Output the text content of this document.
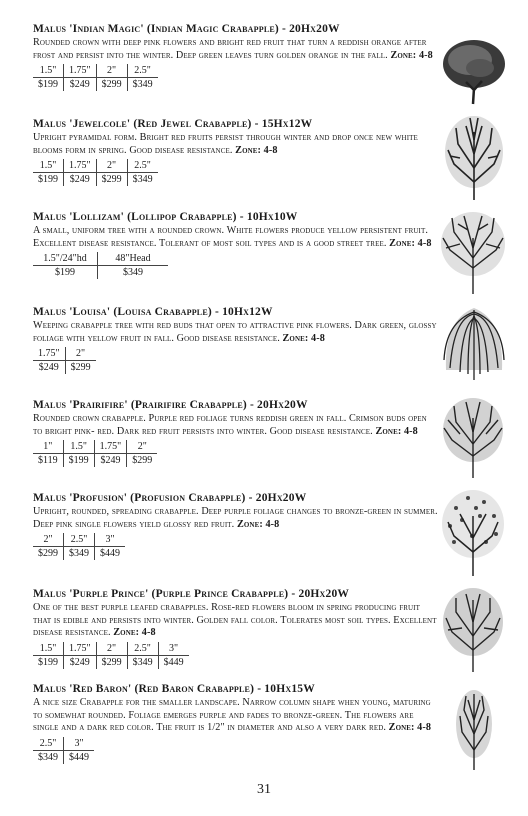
Malus 'Indian Magic' (Indian Magic Crabapple) - 20Hx20W
Rounded crown with deep pink flowers and bright red fruit that turn a reddish orange after frost and persist into the winter. Deep green leaves turn golden orange in the fall. Zone: 4-8
1.5"	1.75"	2"	2.5"
$199	$249	$299	$349
Malus 'Jewelcole' (Red Jewel Crabapple) - 15Hx12W
Upright pyramidal form. Bright red fruits persist through winter and drop once new white blooms form in spring. Good disease resistance. Zone: 4-8
1.5"	1.75"	2"	2.5"
$199	$249	$299	$349
Malus 'Lollizam' (Lollipop Crabapple) - 10Hx10W
A small, uniform tree with a rounded crown. White flowers produce yellow persistent fruit. Excellent disease resistance. Tolerant of most soil types and is a good street tree. Zone: 4-8
1.5"/24"hd	48"Head
$199	$349
Malus 'Louisa' (Louisa Crabapple) - 10Hx12W
Weeping crabapple tree with red buds that open to attractive pink flowers. Dark green, glossy foliage with yellow fruit in fall. Good disease resistance. Zone: 4-8
1.75"	2"
$249	$299
Malus 'Prairifire' (Prairifire Crabapple) - 20Hx20W
Rounded crown crabapple. Purple red foliage turns reddish green in fall. Crimson buds open to bright pink- red. Dark red fruit persists into winter. Good disease resistance. Zone: 4-8
1"	1.5"	1.75"	2"
$119	$199	$249	$299
Malus 'Profusion' (Profusion Crabapple) - 20Hx20W
Upright, rounded, spreading crabapple. Deep purple foliage changes to bronze-green in summer. Deep pink single flowers yield glossy red fruit. Zone: 4-8
2"	2.5"	3"
$299	$349	$449
Malus 'Purple Prince' (Purple Prince Crabapple) - 20Hx20W
One of the best purple leafed crabapples. Rose-red flowers bloom in spring producing fruit that is edible and persists into winter. Golden fall color. Tolerates most soil types. Excellent disease resistance. Zone: 4-8
1.5"	1.75"	2"	2.5"	3"
$199	$249	$299	$349	$449
Malus 'Red Baron' (Red Baron Crabapple) - 10Hx15W
A nice size Crabapple for the smaller landscape. Narrow column shape when young, maturing to somewhat rounded. Foliage emerges purple and fades to bronze-green. The flowers are single and a dark red color. The fruit is 1/2" in diameter and also a very dark red. Zone: 4-8
2.5"	3"
$349	$449
31
